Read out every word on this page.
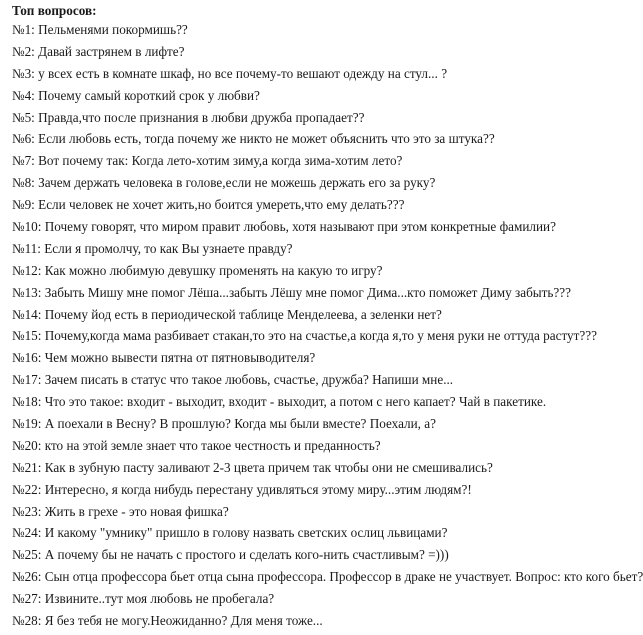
Топ вопросов:
№1: Пельменями покормишь??
№2: Давай застрянем в лифте?
№3: у всех есть в комнате шкаф, но все почему-то вешают одежду на стул... ?
№4: Почему самый короткий срок у любви?
№5: Правда,что после признания в любви дружба пропадает??
№6: Если любовь есть, тогда почему же никто не может объяснить что это за штука??
№7: Вот почему так: Когда лето-хотим зиму,а когда зима-хотим лето?
№8: Зачем держать человека в голове,если не можешь держать его за руку?
№9: Если человек не хочет жить,но боится умереть,что ему делать???
№10: Почему говорят, что миром правит любовь, хотя называют при этом конкретные фамилии?
№11: Если я промолчу, то как Вы узнаете правду?
№12: Как можно любимую девушку променять на какую то игру?
№13: Забыть Мишу мне помог Лёша...забыть Лёшу мне помог Дима...кто поможет Диму забыть???
№14: Почему йод есть в периодической таблице Менделеева, а зеленки нет?
№15: Почему,когда мама разбивает стакан,то это на счастье,а когда я,то у меня руки не оттуда растут???
№16: Чем можно вывести пятна от пятновыводителя?
№17: Зачем писать в статус что такое любовь, счастье, дружба? Напиши мне...
№18: Что это такое: входит - выходит, входит - выходит, а потом с него капает? Чай в пакетике.
№19: А поехали в Весну? В прошлую? Когда мы были вместе? Поехали, а?
№20: кто на этой земле знает что такое честность и преданность?
№21: Как в зубную пасту заливают 2-3 цвета причем так чтобы они не смешивались?
№22: Интересно, я когда нибудь перестану удивляться этому миру...этим людям?!
№23: Жить в грехе - это новая фишка?
№24: И какому "умнику" пришло в голову назвать светских ослиц львицами?
№25: А почему бы не начать с простого и сделать кого-нить счастливым? =)))
№26: Сын отца профессора бьет отца сына профессора. Профессор в драке не участвует. Вопрос: кто кого бьет?
№27: Извините..тут моя любовь не пробегала?
№28: Я без тебя не могу.Неожиданно? Для меня тоже...
